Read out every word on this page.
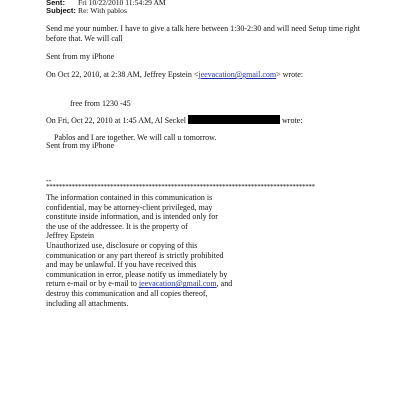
Sent: Fri 10/22/2010 11:54:29 AM
Subject: Re: With pablos
Send me your number. I have to give a talk here between 1:30-2:30 and will need Setup time right
before that. We will call
Sent from my iPhone
On Oct 22, 2010, at 2:38 AM, Jeffrey Epstein <jeevacation@gmail.com> wrote:
free from 1230 -45
On Fri, Oct 22, 2010 at 1:45 AM, Al Seckel	wrote:
Pablos and I are together. We will call u tomorrow.
Sent from my iPhone
--
************************************************************************************
The information contained in this communication is
confidential, may be attorney-client privileged, may
constitute inside information, and is intended only for
the use of the addressee. It is the property of
Jeffrey Epstein
Unauthorized use, disclosure or copying of this
communication or any part thereof is strictly prohibited
and may be unlawful. If you have received this
communication in error, please notify us immediately by
return e-mail or by e-mail to jeevacation@gmail.com, and
destroy this communication and all copies thereof,
including all attachments.
